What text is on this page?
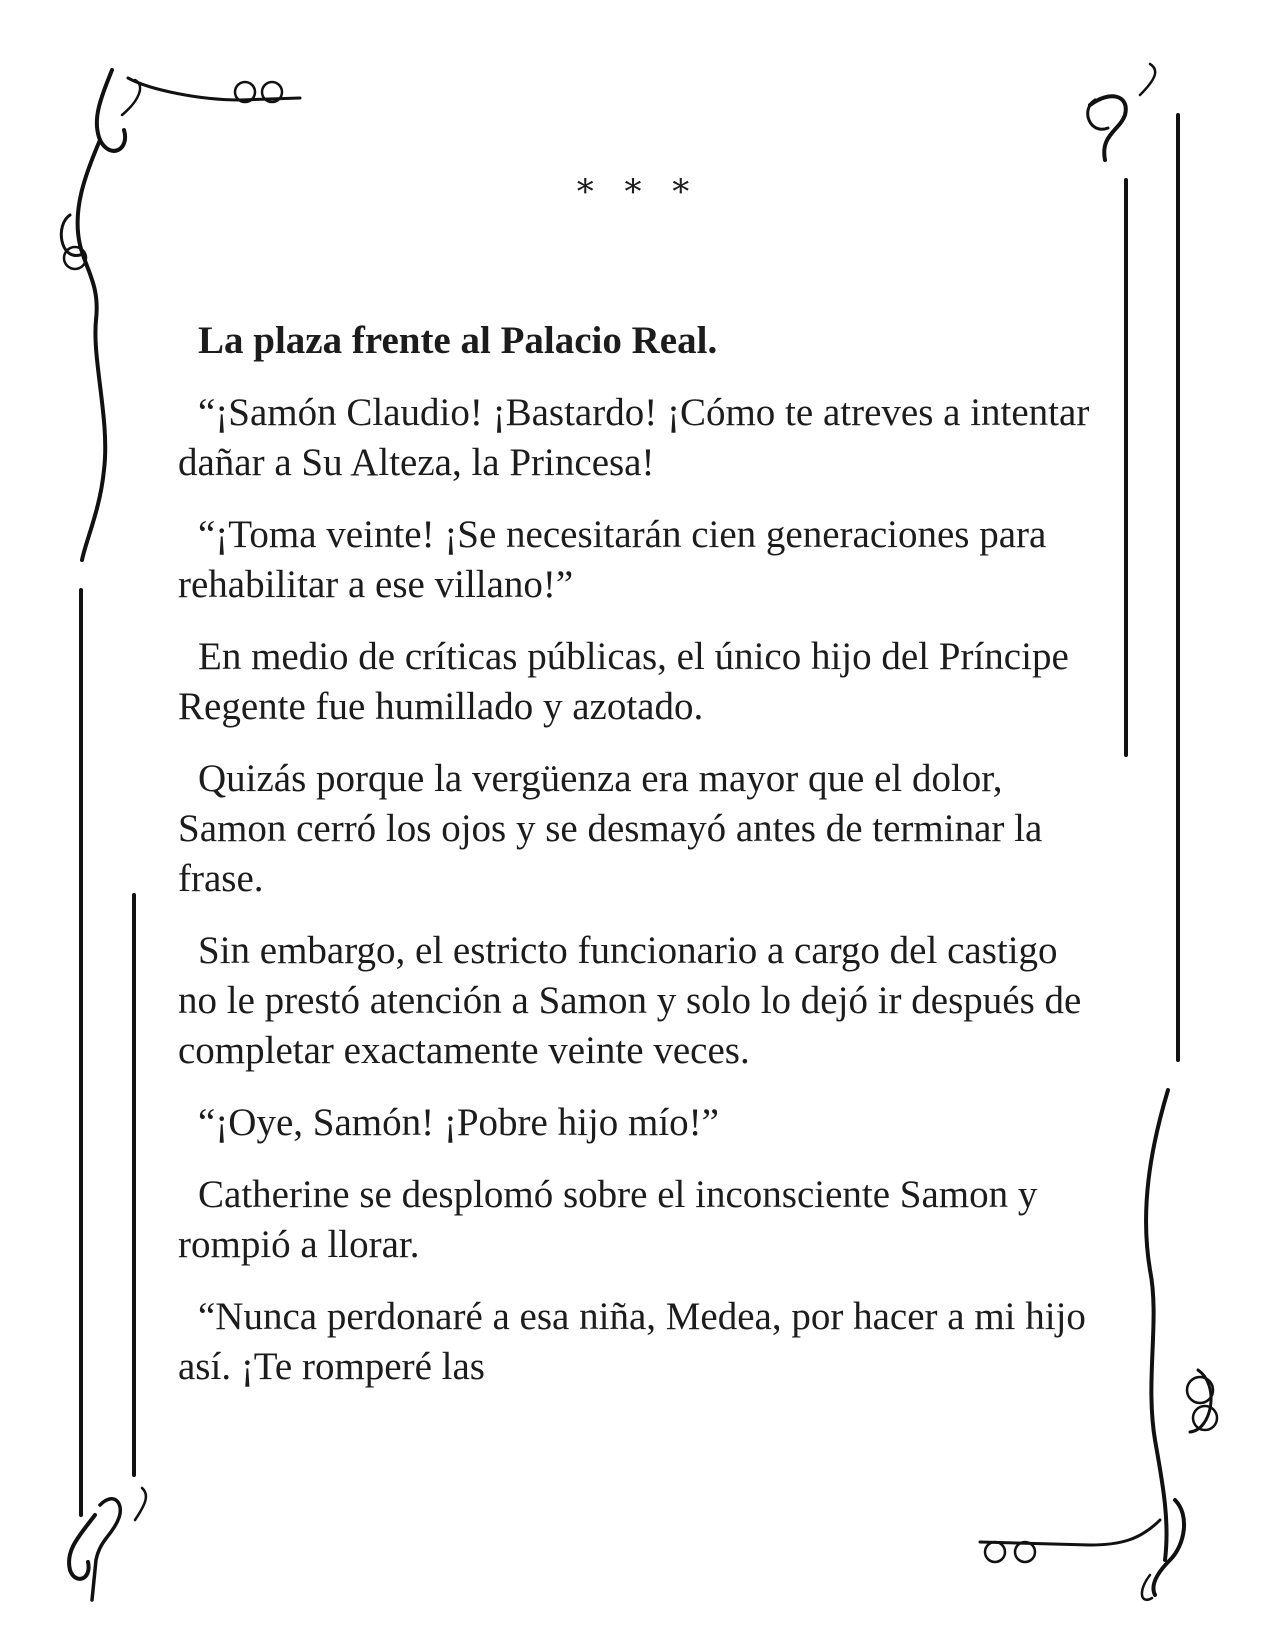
* * *
La plaza frente al Palacio Real.

“¡Samón Claudio! ¡Bastardo! ¡Cómo te atreves a intentar dañar a Su Alteza, la Princesa!

“¡Toma veinte! ¡Se necesitarán cien generaciones para rehabilitar a ese villano!”

En medio de críticas públicas, el único hijo del Príncipe Regente fue humillado y azotado.

Quizás porque la vergüenza era mayor que el dolor, Samon cerró los ojos y se desmayó antes de terminar la frase.

Sin embargo, el estricto funcionario a cargo del castigo no le prestó atención a Samon y solo lo dejó ir después de completar exactamente veinte veces.

“¡Oye, Samón! ¡Pobre hijo mío!”

Catherine se desplomó sobre el inconsciente Samon y rompió a llorar.

“Nunca perdonaré a esa niña, Medea, por hacer a mi hijo así. ¡Te romperé las
